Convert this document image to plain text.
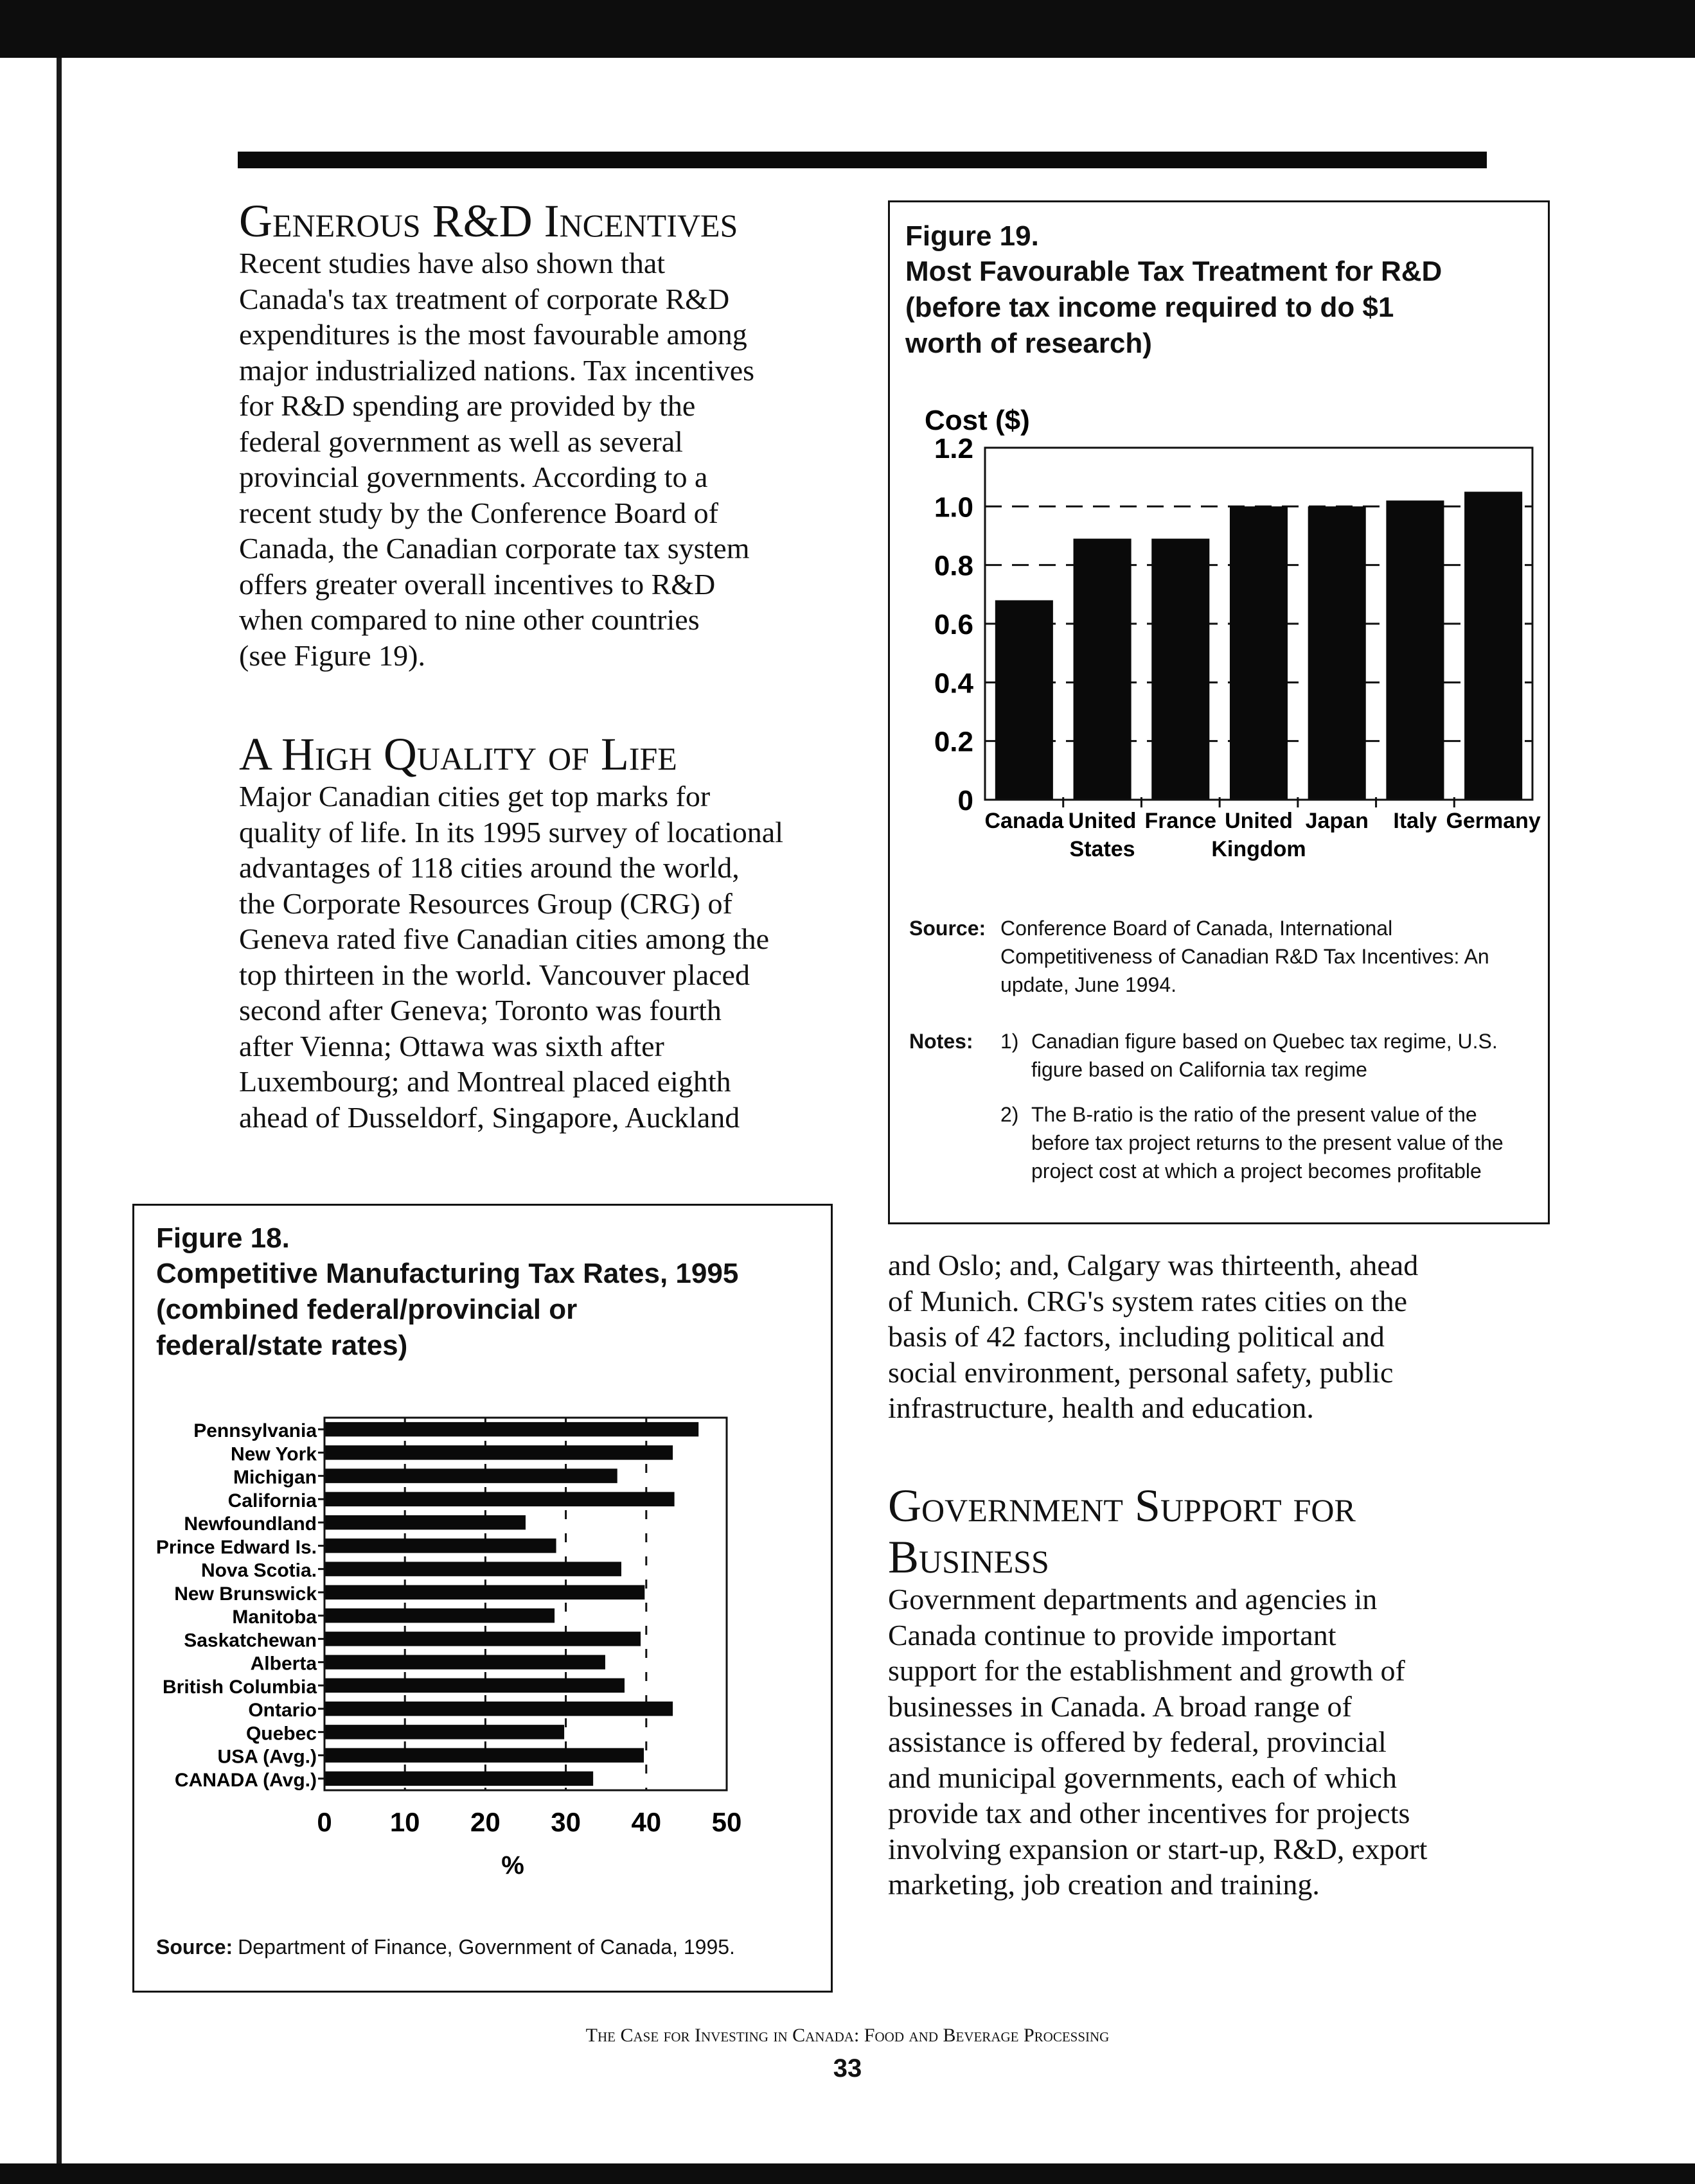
Generous R&D Incentives

Recent studies have also shown that
Canada's tax treatment of corporate R&D
expenditures is the most favourable among
major industrialized nations. Tax incentives
for R&D spending are provided by the
federal government as well as several
provincial governments. According to a
recent study by the Conference Board of
Canada, the Canadian corporate tax system
offers greater overall incentives to R&D
when compared to nine other countries
(see Figure 19).

A High Quality of Life

Major Canadian cities get top marks for
quality of life. In its 1995 survey of locational
advantages of 118 cities around the world,
the Corporate Resources Group (CRG) of
Geneva rated five Canadian cities among the
top thirteen in the world. Vancouver placed
second after Geneva; Toronto was fourth
after Vienna; Ottawa was sixth after
Luxembourg; and Montreal placed eighth
ahead of Dusseldorf, Singapore, Auckland

Figure 18.
Competitive Manufacturing Tax Rates, 1995
(combined federal/provincial or
federal/state rates)
Pennsylvania
New York
Michigan
California
Newfoundland
Prince Edward Is.
Nova Scotia.
New Brunswick
Manitoba
Saskatchewan
Alberta
British Columbia
Ontario
Quebec
USA (Avg.)
CANADA (Avg.)
0 10 20 30 40 50
%
Source: Department of Finance, Government of Canada, 1995.
Figure 19.
Most Favourable Tax Treatment for R&D
(before tax income required to do $1
worth of research)
Cost ($)
0
0.2
0.4
0.6
0.8
1.0
1.2
Canada United
States
France United
Kingdom
Japan Italy Germany
Source: Conference Board of Canada, International
Competitiveness of Canadian R&D Tax Incentives: An
update, June 1994.
Notes: 1) Canadian figure based on Quebec tax regime, U.S.
figure based on California tax regime
2) The B-ratio is the ratio of the present value of the
before tax project returns to the present value of the
project cost at which a project becomes profitable

and Oslo; and, Calgary was thirteenth, ahead
of Munich. CRG's system rates cities on the
basis of 42 factors, including political and
social environment, personal safety, public
infrastructure, health and education.

Government Support for
Business

Government departments and agencies in
Canada continue to provide important
support for the establishment and growth of
businesses in Canada. A broad range of
assistance is offered by federal, provincial
and municipal governments, each of which
provide tax and other incentives for projects
involving expansion or start-up, R&D, export
marketing, job creation and training.

The Case for Investing in Canada: Food and Beverage Processing
33
